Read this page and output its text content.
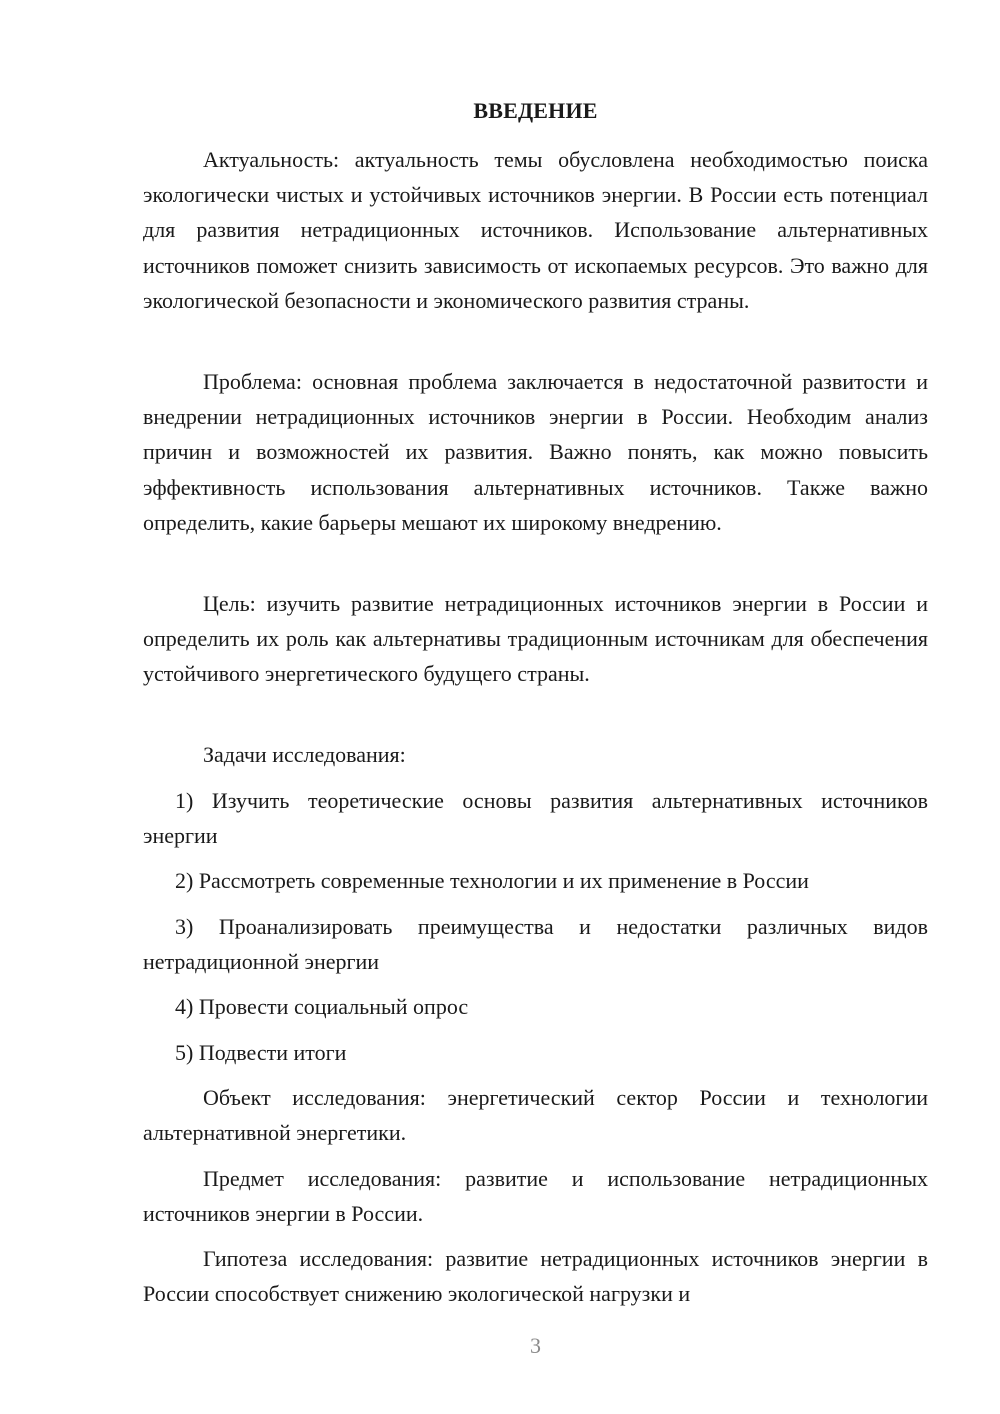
ВВЕДЕНИЕ

Актуальность: актуальность темы обусловлена необходимостью поиска экологически чистых и устойчивых источников энергии. В России есть потенциал для развития нетрадиционных источников. Использование альтернативных источников поможет снизить зависимость от ископаемых ресурсов. Это важно для экологической безопасности и экономического развития страны.

Проблема: основная проблема заключается в недостаточной развитости и внедрении нетрадиционных источников энергии в России. Необходим анализ причин и возможностей их развития. Важно понять, как можно повысить эффективность использования альтернативных источников. Также важно определить, какие барьеры мешают их широкому внедрению.

Цель: изучить развитие нетрадиционных источников энергии в России и определить их роль как альтернативы традиционным источникам для обеспечения устойчивого энергетического будущего страны.

Задачи исследования:

1) Изучить теоретические основы развития альтернативных источников энергии

2) Рассмотреть современные технологии и их применение в России

3) Проанализировать преимущества и недостатки различных видов нетрадиционной энергии

4) Провести социальный опрос

5) Подвести итоги

Объект исследования: энергетический сектор России и технологии альтернативной энергетики.

Предмет исследования: развитие и использование нетрадиционных источников энергии в России.

Гипотеза исследования: развитие нетрадиционных источников энергии в России способствует снижению экологической нагрузки и

3
